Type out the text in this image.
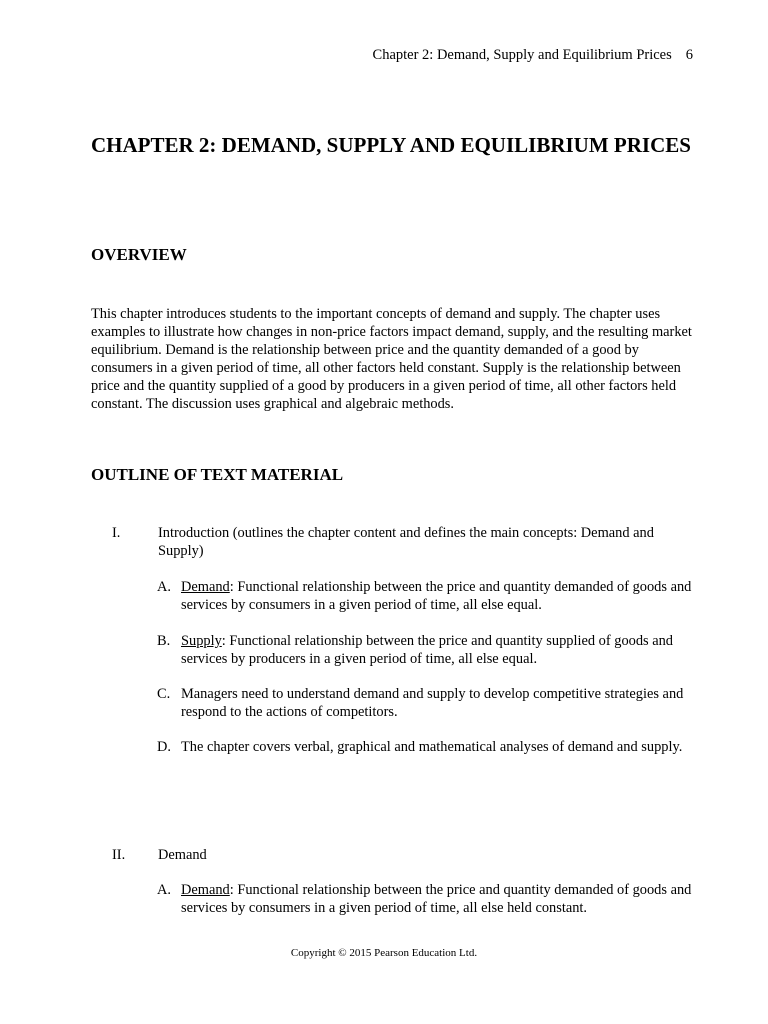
Chapter 2: Demand, Supply and Equilibrium Prices 6
CHAPTER 2: DEMAND, SUPPLY AND EQUILIBRIUM PRICES
OVERVIEW

This chapter introduces students to the important concepts of demand and supply. The chapter uses examples to illustrate how changes in non-price factors impact demand, supply, and the resulting market equilibrium. Demand is the relationship between price and the quantity demanded of a good by consumers in a given period of time, all other factors held constant. Supply is the relationship between price and the quantity supplied of a good by producers in a given period of time, all other factors held constant. The discussion uses graphical and algebraic methods.

OUTLINE OF TEXT MATERIAL
I.	Introduction (outlines the chapter content and defines the main concepts: Demand and Supply)
A. Demand: Functional relationship between the price and quantity demanded of goods and services by consumers in a given period of time, all else equal.
B. Supply: Functional relationship between the price and quantity supplied of goods and services by producers in a given period of time, all else equal.
C. Managers need to understand demand and supply to develop competitive strategies and respond to the actions of competitors.
D. The chapter covers verbal, graphical and mathematical analyses of demand and supply.
II. Demand
A. Demand: Functional relationship between the price and quantity demanded of goods and services by consumers in a given period of time, all else held constant.
Copyright © 2015 Pearson Education Ltd.
